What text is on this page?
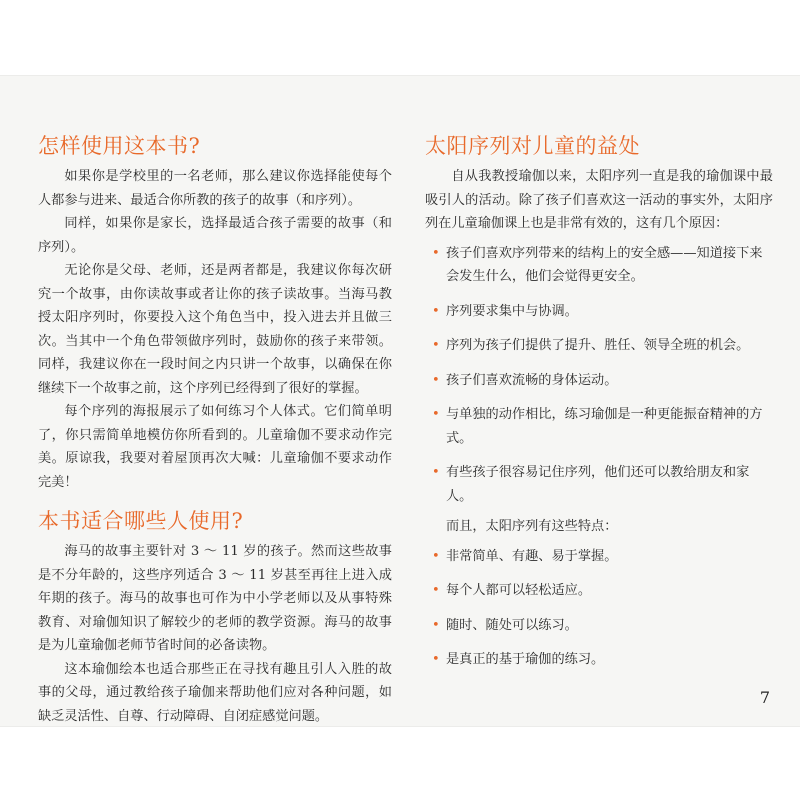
怎样使用这本书?

如果你是学校里的一名老师，那么建议你选择能使每个人都参与进来、最适合你所教的孩子的故事（和序列）。

同样，如果你是家长，选择最适合孩子需要的故事（和序列）。

无论你是父母、老师，还是两者都是，我建议你每次研究一个故事，由你读故事或者让你的孩子读故事。当海马教授太阳序列时，你要投入这个角色当中，投入进去并且做三次。当其中一个角色带领做序列时，鼓励你的孩子来带领。同样，我建议你在一段时间之内只讲一个故事，以确保在你继续下一个故事之前，这个序列已经得到了很好的掌握。

每个序列的海报展示了如何练习个人体式。它们简单明了，你只需简单地模仿你所看到的。儿童瑜伽不要求动作完美。原谅我，我要对着屋顶再次大喊：儿童瑜伽不要求动作完美！

本书适合哪些人使用?

海马的故事主要针对 3 ～ 11 岁的孩子。然而这些故事是不分年龄的，这些序列适合 3 ～ 11 岁甚至再往上进入成年期的孩子。海马的故事也可作为中小学老师以及从事特殊教育、对瑜伽知识了解较少的老师的教学资源。海马的故事是为儿童瑜伽老师节省时间的必备读物。

这本瑜伽绘本也适合那些正在寻找有趣且引人入胜的故事的父母，通过教给孩子瑜伽来帮助他们应对各种问题，如缺乏灵活性、自尊、行动障碍、自闭症感觉问题。

太阳序列对儿童的益处

自从我教授瑜伽以来，太阳序列一直是我的瑜伽课中最吸引人的活动。除了孩子们喜欢这一活动的事实外，太阳序列在儿童瑜伽课上也是非常有效的，这有几个原因：

• 孩子们喜欢序列带来的结构上的安全感——知道接下来会发生什么，他们会觉得更安全。
• 序列要求集中与协调。
• 序列为孩子们提供了提升、胜任、领导全班的机会。
• 孩子们喜欢流畅的身体运动。
• 与单独的动作相比，练习瑜伽是一种更能振奋精神的方式。
• 有些孩子很容易记住序列，他们还可以教给朋友和家人。

而且，太阳序列有这些特点：

• 非常简单、有趣、易于掌握。
• 每个人都可以轻松适应。
• 随时、随处可以练习。
• 是真正的基于瑜伽的练习。
7
